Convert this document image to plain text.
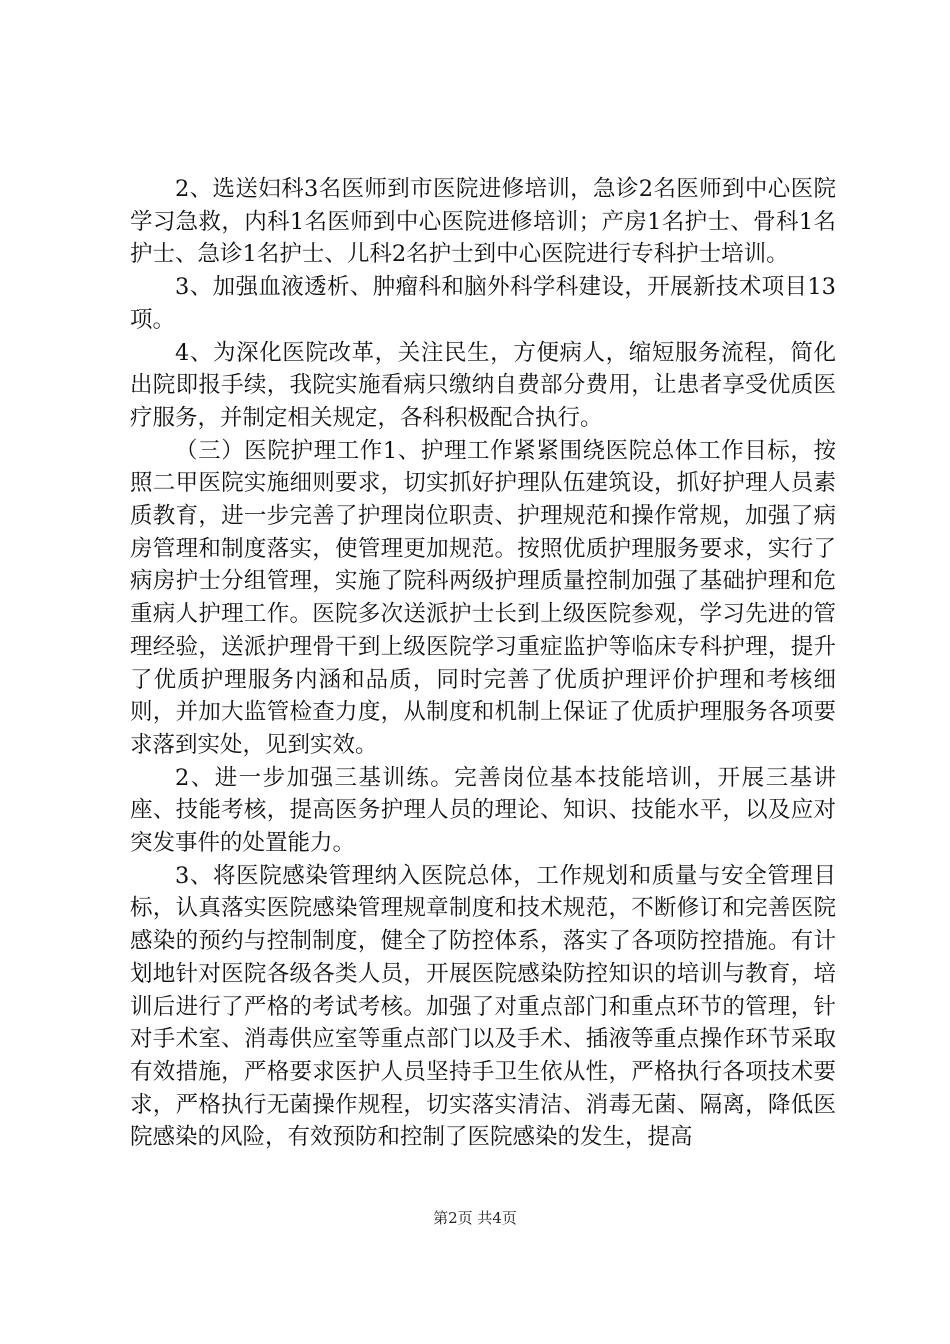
2、选送妇科3名医师到市医院进修培训，急诊2名医师到中心医院学习急救，内科1名医师到中心医院进修培训；产房1名护士、骨科1名护士、急诊1名护士、儿科2名护士到中心医院进行专科护士培训。

3、加强血液透析、肿瘤科和脑外科学科建设，开展新技术项目13项。

4、为深化医院改革，关注民生，方便病人，缩短服务流程，简化出院即报手续，我院实施看病只缴纳自费部分费用，让患者享受优质医疗服务，并制定相关规定，各科积极配合执行。

（三）医院护理工作1、护理工作紧紧围绕医院总体工作目标，按照二甲医院实施细则要求，切实抓好护理队伍建筑设，抓好护理人员素质教育，进一步完善了护理岗位职责、护理规范和操作常规，加强了病房管理和制度落实，使管理更加规范。按照优质护理服务要求，实行了病房护士分组管理，实施了院科两级护理质量控制加强了基础护理和危重病人护理工作。医院多次送派护士长到上级医院参观，学习先进的管理经验，送派护理骨干到上级医院学习重症监护等临床专科护理，提升了优质护理服务内涵和品质，同时完善了优质护理评价护理和考核细则，并加大监管检查力度，从制度和机制上保证了优质护理服务各项要求落到实处，见到实效。

2、进一步加强三基训练。完善岗位基本技能培训，开展三基讲座、技能考核，提高医务护理人员的理论、知识、技能水平，以及应对突发事件的处置能力。

3、将医院感染管理纳入医院总体，工作规划和质量与安全管理目标，认真落实医院感染管理规章制度和技术规范，不断修订和完善医院感染的预约与控制制度，健全了防控体系，落实了各项防控措施。有计划地针对医院各级各类人员，开展医院感染防控知识的培训与教育，培训后进行了严格的考试考核。加强了对重点部门和重点环节的管理，针对手术室、消毒供应室等重点部门以及手术、插液等重点操作环节采取有效措施，严格要求医护人员坚持手卫生依从性，严格执行各项技术要求，严格执行无菌操作规程，切实落实清洁、消毒无菌、隔离，降低医院感染的风险，有效预防和控制了医院感染的发生，提高

第2页 共4页
